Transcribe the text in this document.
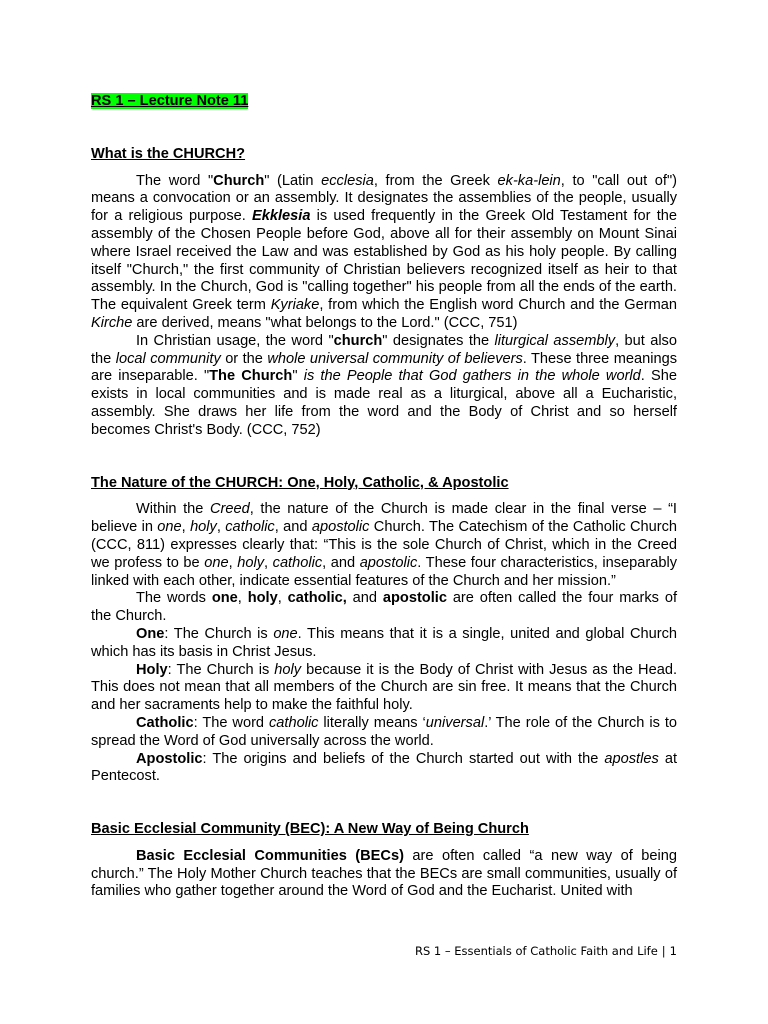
RS 1 – Lecture Note 11
What is the CHURCH?

The word "Church" (Latin ecclesia, from the Greek ek-ka-lein, to "call out of") means a convocation or an assembly. It designates the assemblies of the people, usually for a religious purpose. Ekklesia is used frequently in the Greek Old Testament for the assembly of the Chosen People before God, above all for their assembly on Mount Sinai where Israel received the Law and was established by God as his holy people. By calling itself "Church," the first community of Christian believers recognized itself as heir to that assembly. In the Church, God is "calling together" his people from all the ends of the earth. The equivalent Greek term Kyriake, from which the English word Church and the German Kirche are derived, means "what belongs to the Lord." (CCC, 751)

In Christian usage, the word "church" designates the liturgical assembly, but also the local community or the whole universal community of believers. These three meanings are inseparable. "The Church" is the People that God gathers in the whole world. She exists in local communities and is made real as a liturgical, above all a Eucharistic, assembly. She draws her life from the word and the Body of Christ and so herself becomes Christ's Body. (CCC, 752)

The Nature of the CHURCH: One, Holy, Catholic, & Apostolic

Within the Creed, the nature of the Church is made clear in the final verse – “I believe in one, holy, catholic, and apostolic Church. The Catechism of the Catholic Church (CCC, 811) expresses clearly that: “This is the sole Church of Christ, which in the Creed we profess to be one, holy, catholic, and apostolic. These four characteristics, inseparably linked with each other, indicate essential features of the Church and her mission.”

The words one, holy, catholic, and apostolic are often called the four marks of the Church.

One: The Church is one. This means that it is a single, united and global Church which has its basis in Christ Jesus.

Holy: The Church is holy because it is the Body of Christ with Jesus as the Head. This does not mean that all members of the Church are sin free. It means that the Church and her sacraments help to make the faithful holy.

Catholic: The word catholic literally means ‘universal.’ The role of the Church is to spread the Word of God universally across the world.

Apostolic: The origins and beliefs of the Church started out with the apostles at Pentecost.

Basic Ecclesial Community (BEC): A New Way of Being Church

Basic Ecclesial Communities (BECs) are often called “a new way of being church.” The Holy Mother Church teaches that the BECs are small communities, usually of families who gather together around the Word of God and the Eucharist. United with

RS 1 – Essentials of Catholic Faith and Life | 1
